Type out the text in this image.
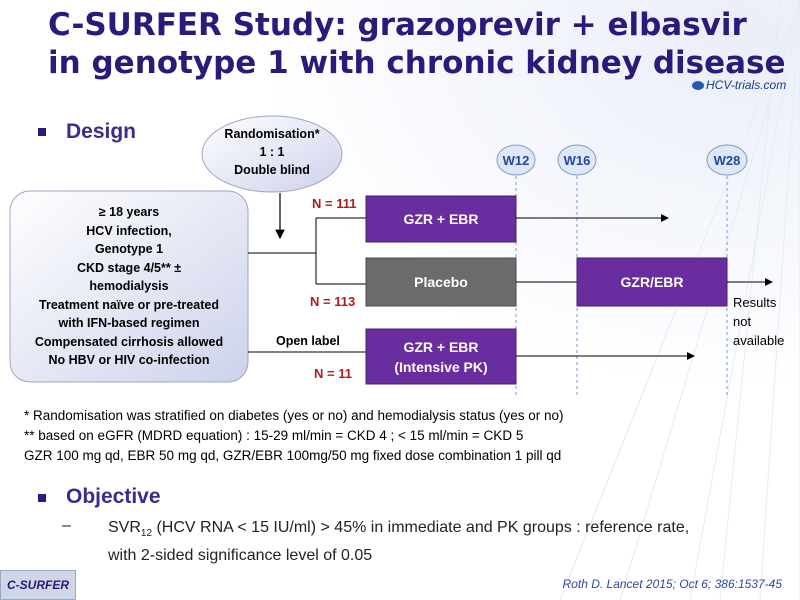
C-SURFER Study: grazoprevir + elbasvir
in genotype 1 with chronic kidney disease
HCV-trials.com
Design	Randomisation*
1 : 1
Double blind
≥ 18 years
HCV infection,
Genotype 1
CKD stage 4/5** ±
hemodialysis
Treatment naïve or pre-treated
with IFN-based regimen
Compensated cirrhosis allowed
No HBV or HIV co-infection
W12	W16	W28
GZR + EBR
N = 111
Placebo	GZR/EBR
N = 113	Results
not
available
Open label	GZR + EBR
(Intensive PK)
N = 11
* Randomisation was stratified on diabetes (yes or no) and hemodialysis status (yes or no)
** based on eGFR (MDRD equation) : 15-29 ml/min = CKD 4 ; < 15 ml/min = CKD 5
GZR 100 mg qd, EBR 50 mg qd, GZR/EBR 100mg/50 mg fixed dose combination 1 pill qd
Objective
– $SVR_{12}$ (HCV RNA < 15 IU/ml) > 45% in immediate and PK groups : reference rate, with 2-sided significance level of 0.05
C-SURFER	Roth D. Lancet 2015; Oct 6; 386:1537-45
